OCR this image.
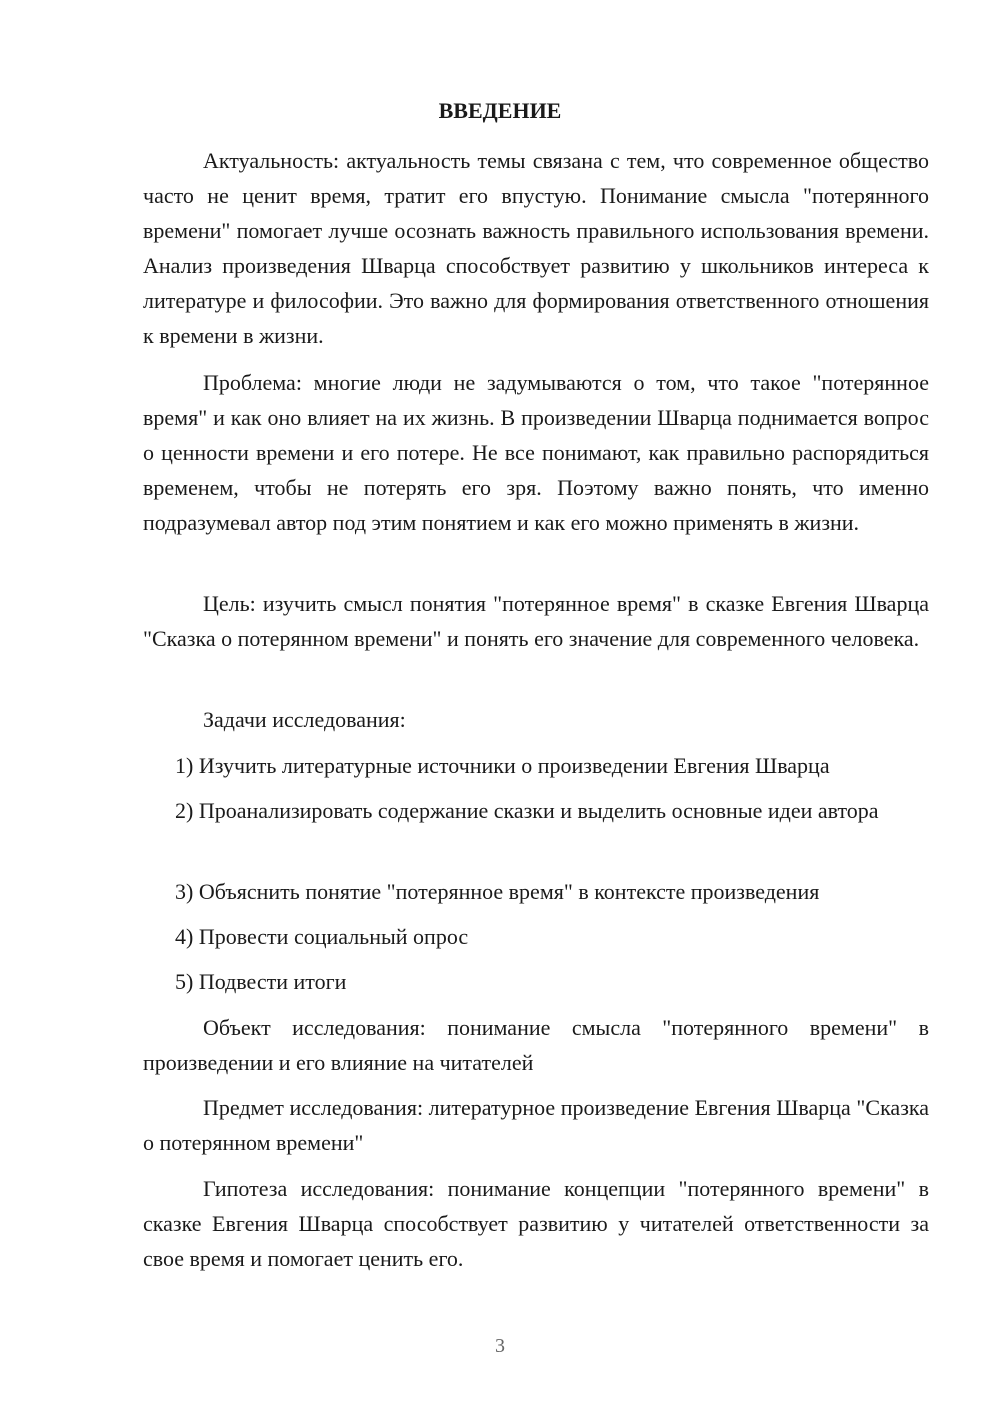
ВВЕДЕНИЕ

Актуальность: актуальность темы связана с тем, что современное общество часто не ценит время, тратит его впустую. Понимание смысла "потерянного времени" помогает лучше осознать важность правильного использования времени. Анализ произведения Шварца способствует развитию у школьников интереса к литературе и философии. Это важно для формирования ответственного отношения к времени в жизни.

Проблема: многие люди не задумываются о том, что такое "потерянное время" и как оно влияет на их жизнь. В произведении Шварца поднимается вопрос о ценности времени и его потере. Не все понимают, как правильно распорядиться временем, чтобы не потерять его зря. Поэтому важно понять, что именно подразумевал автор под этим понятием и как его можно применять в жизни.

Цель: изучить смысл понятия "потерянное время" в сказке Евгения Шварца "Сказка о потерянном времени" и понять его значение для современного человека.

Задачи исследования:

1) Изучить литературные источники о произведении Евгения Шварца

2) Проанализировать содержание сказки и выделить основные идеи автора

3) Объяснить понятие "потерянное время" в контексте произведения

4) Провести социальный опрос

5) Подвести итоги

Объект исследования: понимание смысла "потерянного времени" в произведении и его влияние на читателей

Предмет исследования: литературное произведение Евгения Шварца "Сказка о потерянном времени"

Гипотеза исследования: понимание концепции "потерянного времени" в сказке Евгения Шварца способствует развитию у читателей ответственности за свое время и помогает ценить его.

3
